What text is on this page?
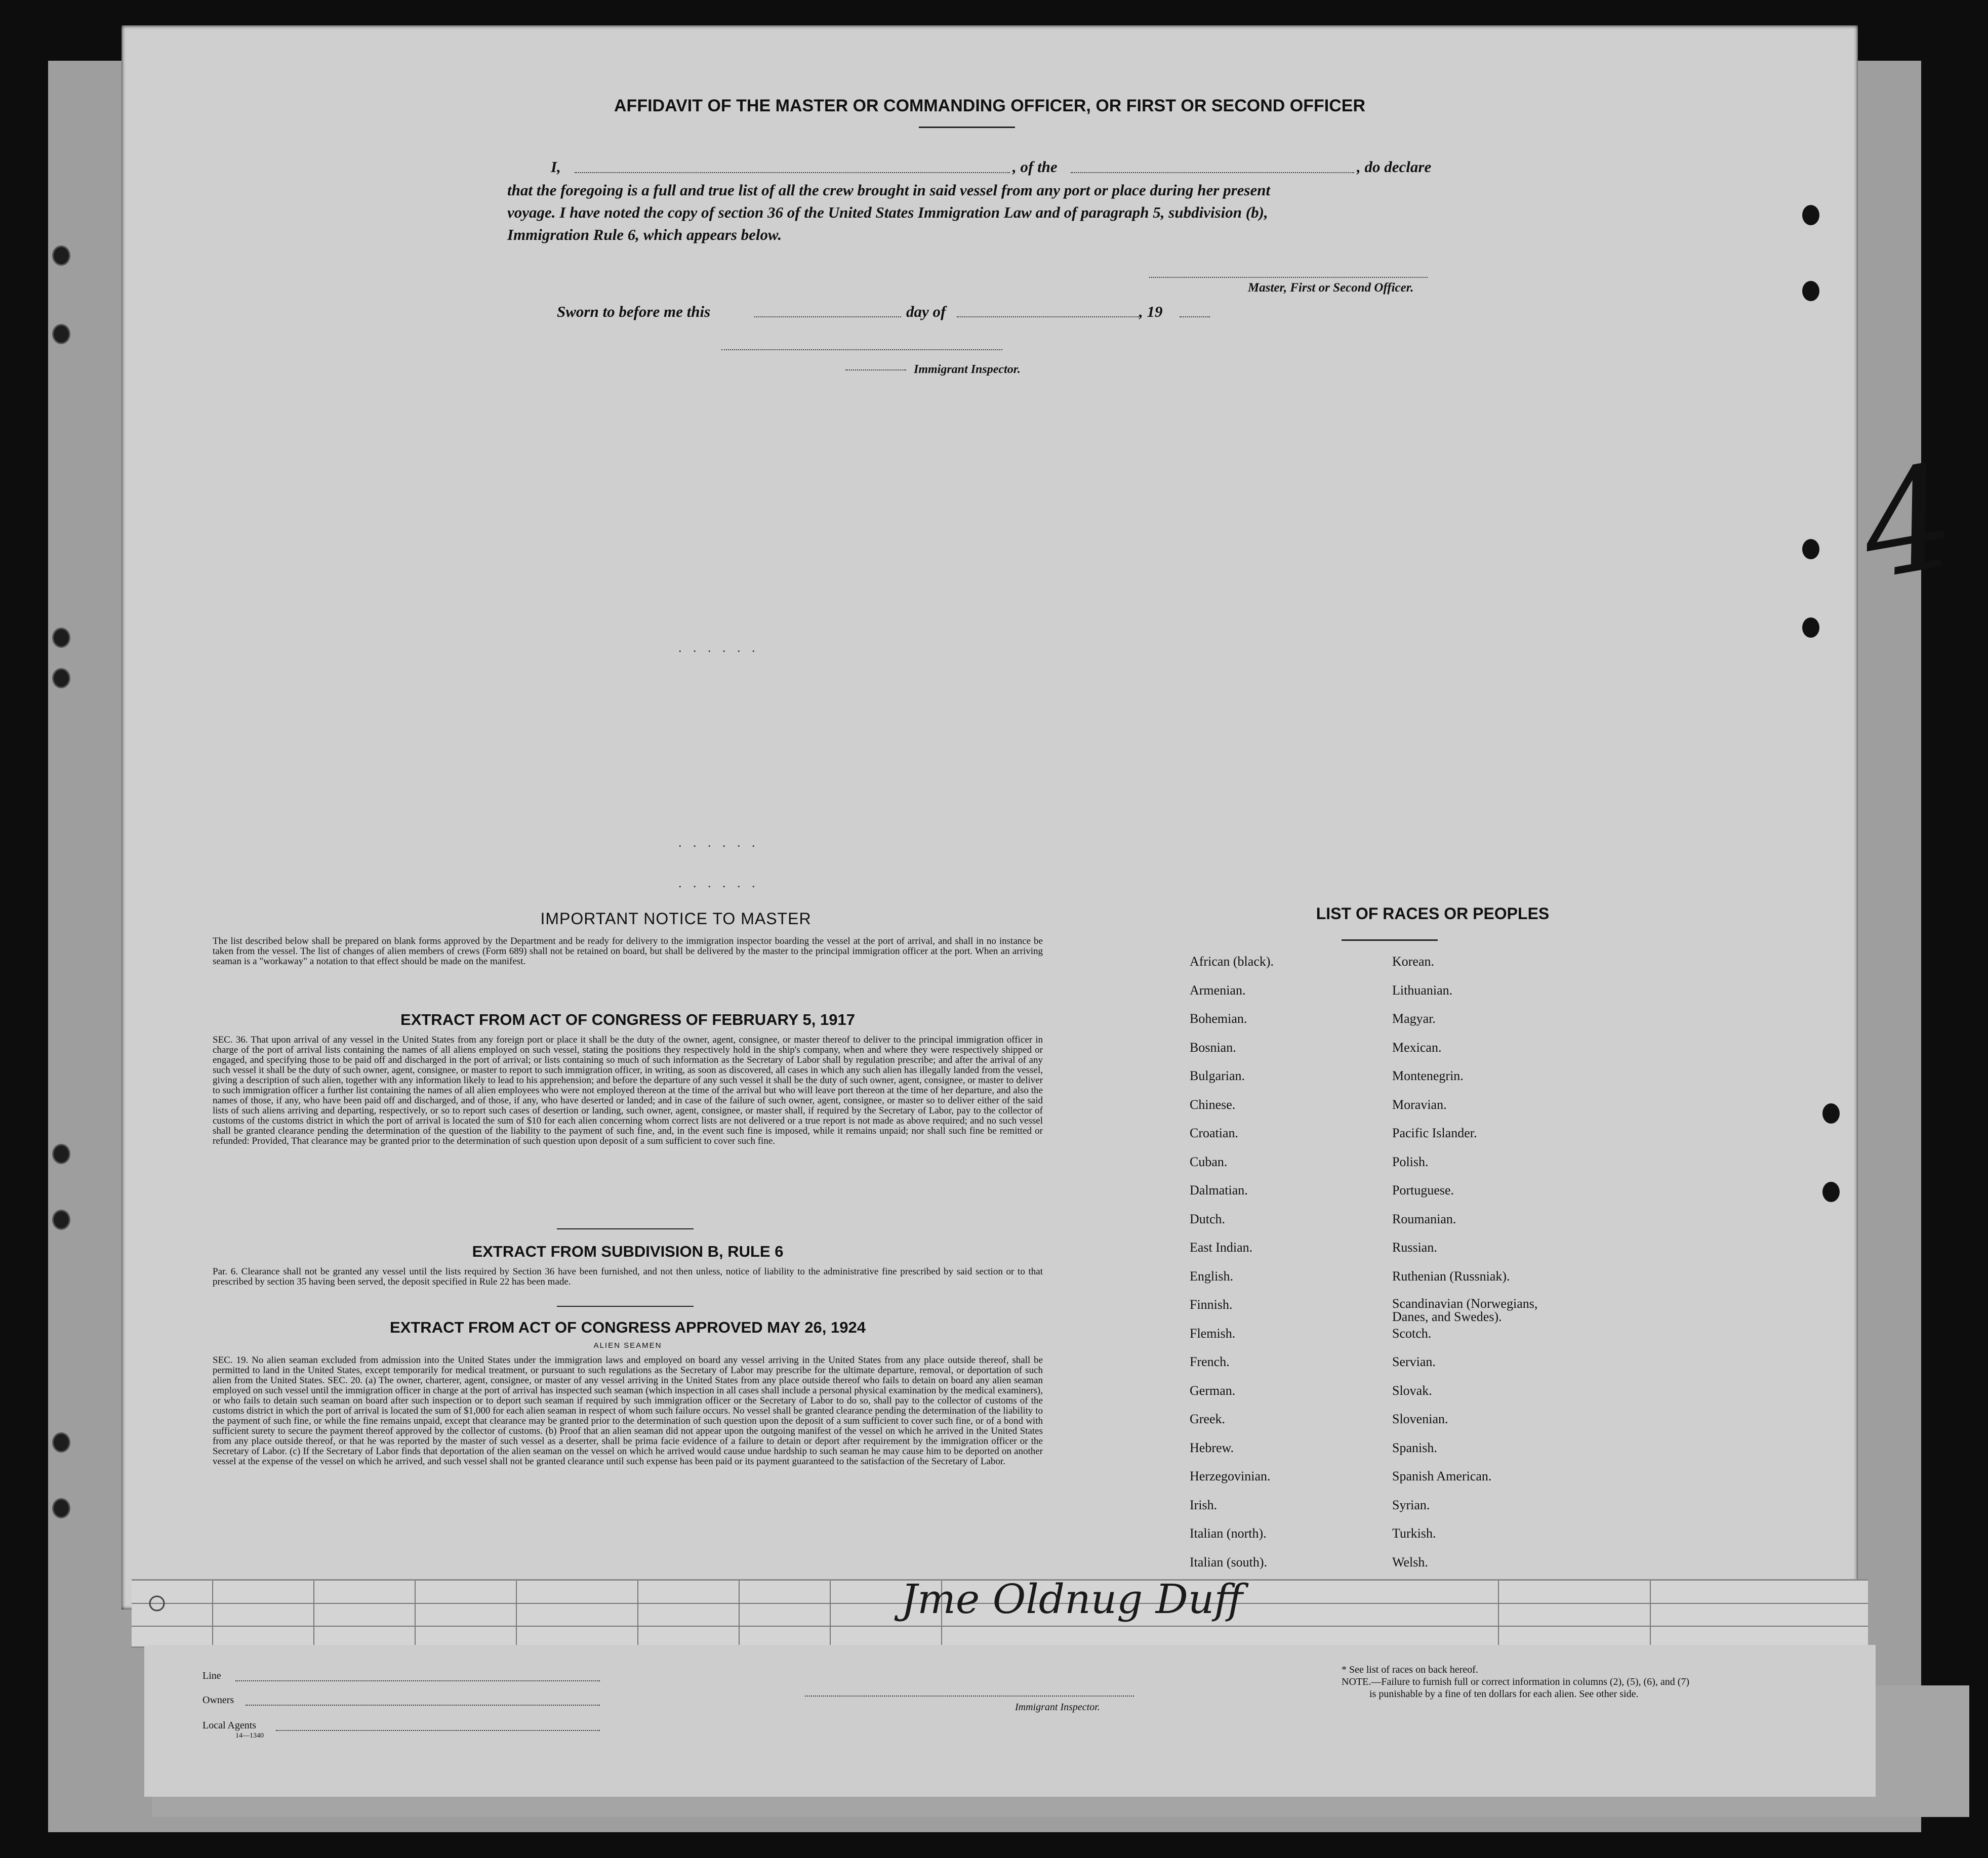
AFFIDAVIT OF THE MASTER OR COMMANDING OFFICER, OR FIRST OR SECOND OFFICER
I,	, of the	, do declare
that the foregoing is a full and true list of all the crew brought in said vessel from any port or place during her present
voyage. I have noted the copy of section 36 of the United States Immigration Law and of paragraph 5, subdivision (b),
Immigration Rule 6, which appears below.
Master, First or Second Officer.
Sworn to before me this	day of	, 19
Immigrant Inspector.
. . . . . .
. . . . . .
. . . . . .
IMPORTANT NOTICE TO MASTER
The list described below shall be prepared on blank forms approved by the Department and be ready for delivery to the immigration inspector boarding the vessel at the port of arrival, and shall in no instance be taken from the vessel. The list of changes of alien members of crews (Form 689) shall not be retained on board, but shall be delivered by the master to the principal immigration officer at the port. When an arriving seaman is a "workaway" a notation to that effect should be made on the manifest.
EXTRACT FROM ACT OF CONGRESS OF FEBRUARY 5, 1917
SEC. 36. That upon arrival of any vessel in the United States from any foreign port or place it shall be the duty of the owner, agent, consignee, or master thereof to deliver to the principal immigration officer in charge of the port of arrival lists containing the names of all aliens employed on such vessel, stating the positions they respectively hold in the ship's company, when and where they were respectively shipped or engaged, and specifying those to be paid off and discharged in the port of arrival; or lists containing so much of such information as the Secretary of Labor shall by regulation prescribe; and after the arrival of any such vessel it shall be the duty of such owner, agent, consignee, or master to report to such immigration officer, in writing, as soon as discovered, all cases in which any such alien has illegally landed from the vessel, giving a description of such alien, together with any information likely to lead to his apprehension; and before the departure of any such vessel it shall be the duty of such owner, agent, consignee, or master to deliver to such immigration officer a further list containing the names of all alien employees who were not employed thereon at the time of the arrival but who will leave port thereon at the time of her departure, and also the names of those, if any, who have been paid off and discharged, and of those, if any, who have deserted or landed; and in case of the failure of such owner, agent, consignee, or master so to deliver either of the said lists of such aliens arriving and departing, respectively, or so to report such cases of desertion or landing, such owner, agent, consignee, or master shall, if required by the Secretary of Labor, pay to the collector of customs of the customs district in which the port of arrival is located the sum of $10 for each alien concerning whom correct lists are not delivered or a true report is not made as above required; and no such vessel shall be granted clearance pending the determination of the question of the liability to the payment of such fine, and, in the event such fine is imposed, while it remains unpaid; nor shall such fine be remitted or refunded: Provided, That clearance may be granted prior to the determination of such question upon deposit of a sum sufficient to cover such fine.
EXTRACT FROM SUBDIVISION B, RULE 6
Par. 6. Clearance shall not be granted any vessel until the lists required by Section 36 have been furnished, and not then unless, notice of liability to the administrative fine prescribed by said section or to that prescribed by section 35 having been served, the deposit specified in Rule 22 has been made.
EXTRACT FROM ACT OF CONGRESS APPROVED MAY 26, 1924
ALIEN SEAMEN
SEC. 19. No alien seaman excluded from admission into the United States under the immigration laws and employed on board any vessel arriving in the United States from any place outside thereof, shall be permitted to land in the United States, except temporarily for medical treatment, or pursuant to such regulations as the Secretary of Labor may prescribe for the ultimate departure, removal, or deportation of such alien from the United States. SEC. 20. (a) The owner, charterer, agent, consignee, or master of any vessel arriving in the United States from any place outside thereof who fails to detain on board any alien seaman employed on such vessel until the immigration officer in charge at the port of arrival has inspected such seaman (which inspection in all cases shall include a personal physical examination by the medical examiners), or who fails to detain such seaman on board after such inspection or to deport such seaman if required by such immigration officer or the Secretary of Labor to do so, shall pay to the collector of customs of the customs district in which the port of arrival is located the sum of $1,000 for each alien seaman in respect of whom such failure occurs. No vessel shall be granted clearance pending the determination of the liability to the payment of such fine, or while the fine remains unpaid, except that clearance may be granted prior to the determination of such question upon the deposit of a sum sufficient to cover such fine, or of a bond with sufficient surety to secure the payment thereof approved by the collector of customs. (b) Proof that an alien seaman did not appear upon the outgoing manifest of the vessel on which he arrived in the United States from any place outside thereof, or that he was reported by the master of such vessel as a deserter, shall be prima facie evidence of a failure to detain or deport after requirement by the immigration officer or the Secretary of Labor. (c) If the Secretary of Labor finds that deportation of the alien seaman on the vessel on which he arrived would cause undue hardship to such seaman he may cause him to be deported on another vessel at the expense of the vessel on which he arrived, and such vessel shall not be granted clearance until such expense has been paid or its payment guaranteed to the satisfaction of the Secretary of Labor.
LIST OF RACES OR PEOPLES
African (black).
Armenian.
Bohemian.
Bosnian.
Bulgarian.
Chinese.
Croatian.
Cuban.
Dalmatian.
Dutch.
East Indian.
English.
Finnish.
Flemish.
French.
German.
Greek.
Hebrew.
Herzegovinian.
Irish.
Italian (north).
Italian (south).
Korean.
Lithuanian.
Magyar.
Mexican.
Montenegrin.
Moravian.
Pacific Islander.
Polish.
Portuguese.
Roumanian.
Russian.
Ruthenian (Russniak).
Scandinavian (Norwegians, Danes, and Swedes).
Scotch.
Servian.
Slovak.
Slovenian.
Spanish.
Spanish American.
Syrian.
Turkish.
Welsh.
4
Jme Oldnug Duff
Line
Owners
Local Agents
14—1340
Immigrant Inspector.
* See list of races on back hereof.
NOTE.—Failure to furnish full or correct information in columns (2), (5), (6), and (7)
is punishable by a fine of ten dollars for each alien. See other side.
